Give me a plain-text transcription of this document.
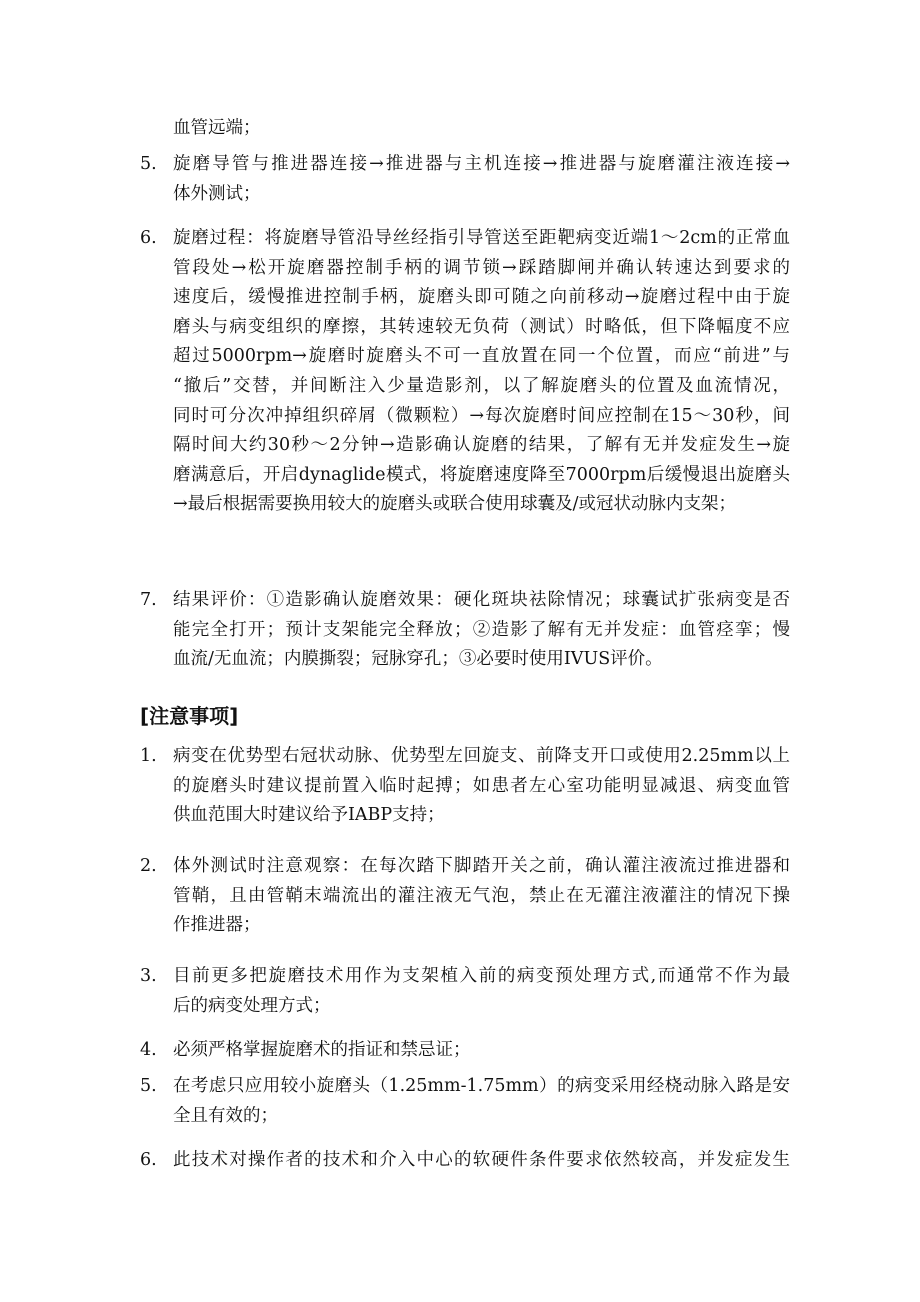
血管远端；
5. 旋磨导管与推进器连接→推进器与主机连接→推进器与旋磨灌注液连接→
体外测试；
6. 旋磨过程：将旋磨导管沿导丝经指引导管送至距靶病变近端1～2cm的正常血
管段处→松开旋磨器控制手柄的调节锁→踩踏脚闸并确认转速达到要求的
速度后，缓慢推进控制手柄，旋磨头即可随之向前移动→旋磨过程中由于旋
磨头与病变组织的摩擦，其转速较无负荷（测试）时略低，但下降幅度不应
超过5000rpm→旋磨时旋磨头不可一直放置在同一个位置，而应“前进”与
“撤后”交替，并间断注入少量造影剂，以了解旋磨头的位置及血流情况，
同时可分次冲掉组织碎屑（微颗粒）→每次旋磨时间应控制在15～30秒，间
隔时间大约30秒～2分钟→造影确认旋磨的结果，了解有无并发症发生→旋
磨满意后，开启dynaglide模式，将旋磨速度降至7000rpm后缓慢退出旋磨头
→最后根据需要换用较大的旋磨头或联合使用球囊及/或冠状动脉内支架；
7. 结果评价：①造影确认旋磨效果：硬化斑块祛除情况；球囊试扩张病变是否
能完全打开；预计支架能完全释放；②造影了解有无并发症：血管痉挛；慢
血流/无血流；内膜撕裂；冠脉穿孔；③必要时使用IVUS评价。
[注意事项]
1. 病变在优势型右冠状动脉、优势型左回旋支、前降支开口或使用2.25mm以上
的旋磨头时建议提前置入临时起搏；如患者左心室功能明显减退、病变血管
供血范围大时建议给予IABP支持；
2. 体外测试时注意观察：在每次踏下脚踏开关之前，确认灌注液流过推进器和
管鞘，且由管鞘末端流出的灌注液无气泡，禁止在无灌注液灌注的情况下操
作推进器；
3. 目前更多把旋磨技术用作为支架植入前的病变预处理方式,而通常不作为最
后的病变处理方式；
4. 必须严格掌握旋磨术的指证和禁忌证；
5. 在考虑只应用较小旋磨头（1.25mm-1.75mm）的病变采用经桡动脉入路是安
全且有效的；
6. 此技术对操作者的技术和介入中心的软硬件条件要求依然较高，并发症发生
